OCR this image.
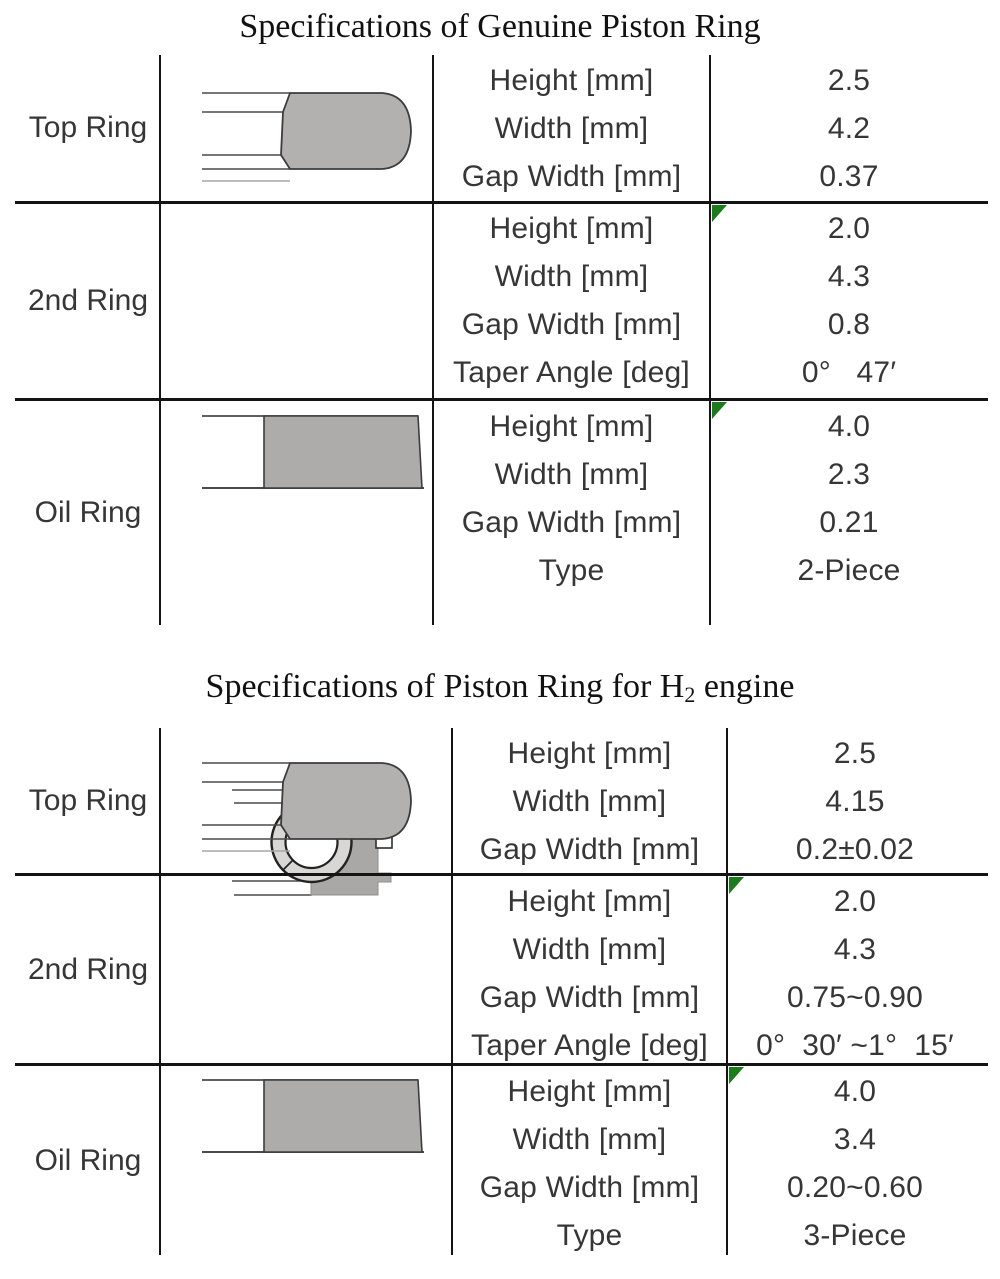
Specifications of Genuine Piston Ring
Top Ring
Height [mm]
Width [mm]
Gap Width [mm]
2.5
4.2
0.37
2nd Ring
Height [mm]
Width [mm]
Gap Width [mm]
Taper Angle [deg]
2.0
4.3
0.8
0°   47′
Oil Ring
Height [mm]
Width [mm]
Gap Width [mm]
Type
4.0
2.3
0.21
2-Piece
Specifications of Piston Ring for H2 engine
Top Ring
Height [mm]
Width [mm]
Gap Width [mm]
2.5
4.15
0.2±0.02
2nd Ring
Height [mm]
Width [mm]
Gap Width [mm]
Taper Angle [deg]
2.0
4.3
0.75~0.90
0°  30′ ~1°  15′
Oil Ring
Height [mm]
Width [mm]
Gap Width [mm]
Type
4.0
3.4
0.20~0.60
3-Piece
